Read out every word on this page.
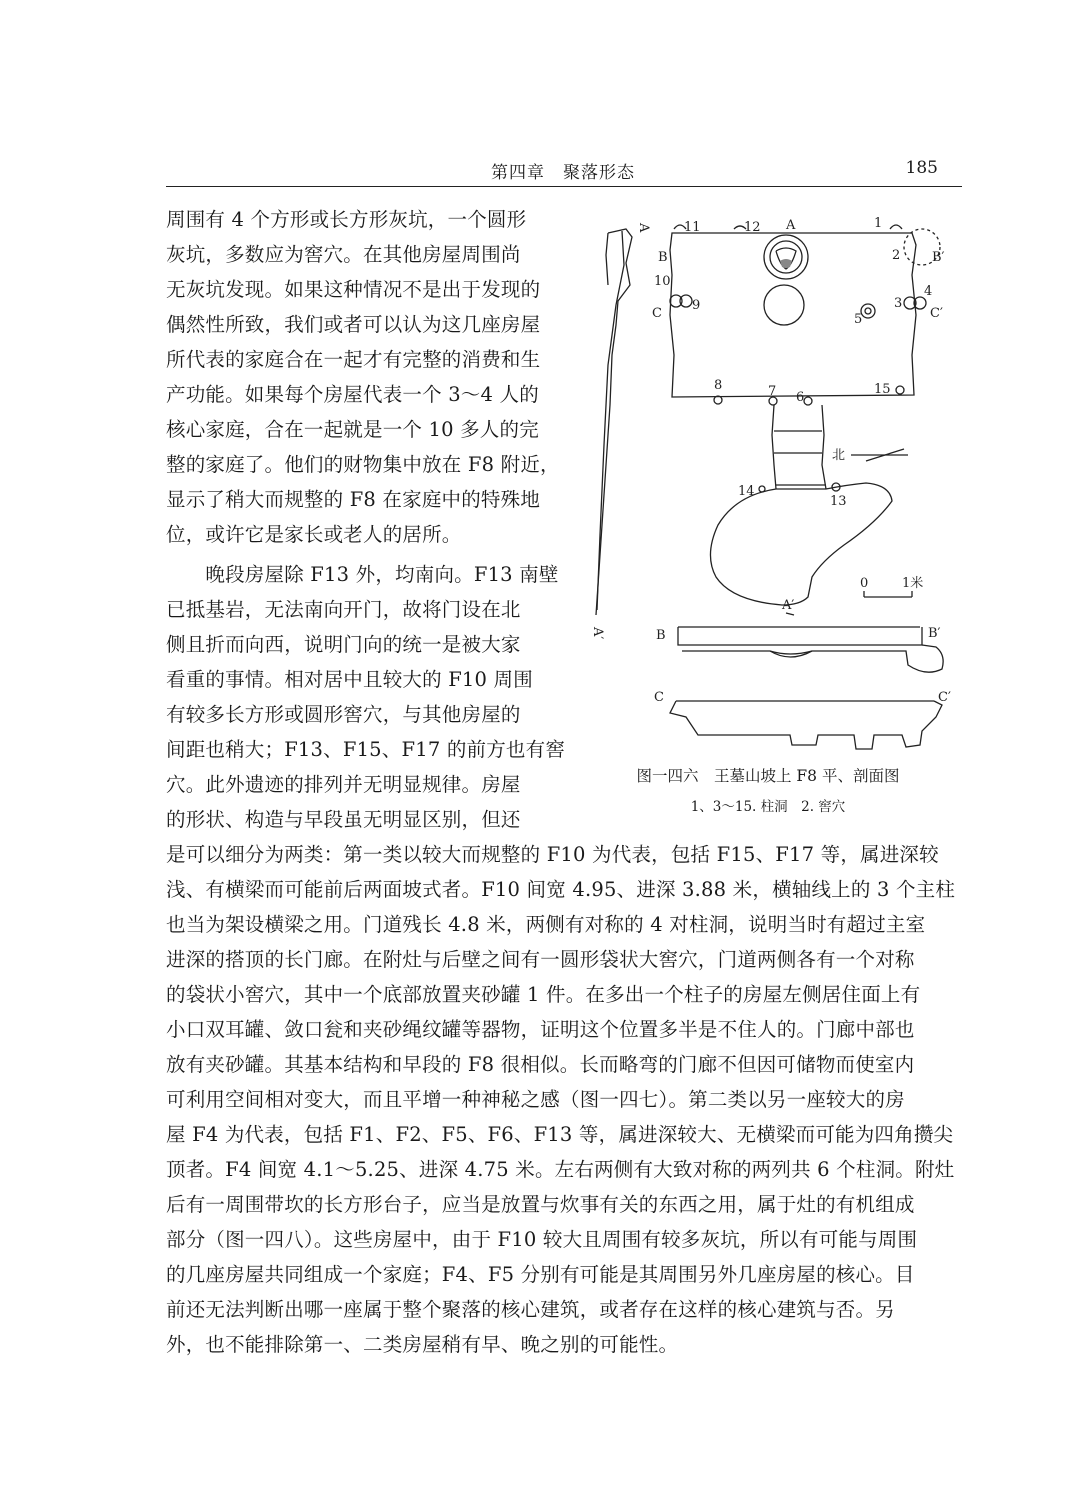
第四章　聚落形态	185
周围有 4 个方形或长方形灰坑，一个圆形
灰坑，多数应为窖穴。在其他房屋周围尚
无灰坑发现。如果这种情况不是出于发现的
偶然性所致，我们或者可以认为这几座房屋
所代表的家庭合在一起才有完整的消费和生
产功能。如果每个房屋代表一个 3～4 人的
核心家庭，合在一起就是一个 10 多人的完
整的家庭了。他们的财物集中放在 F8 附近，
显示了稍大而规整的 F8 在家庭中的特殊地
位，或许它是家长或老人的居所。
　　晚段房屋除 F13 外，均南向。F13 南壁
已抵基岩，无法南向开门，故将门设在北
侧且折而向西，说明门向的统一是被大家
看重的事情。相对居中且较大的 F10 周围
有较多长方形或圆形窖穴，与其他房屋的
间距也稍大；F13、F15、F17 的前方也有窖
穴。此外遗迹的排列并无明显规律。房屋
的形状、构造与早段虽无明显区别，但还
是可以细分为两类：第一类以较大而规整的 F10 为代表，包括 F15、F17 等，属进深较
浅、有横梁而可能前后两面坡式者。F10 间宽 4.95、进深 3.88 米，横轴线上的 3 个主柱
也当为架设横梁之用。门道残长 4.8 米，两侧有对称的 4 对柱洞，说明当时有超过主室
进深的搭顶的长门廊。在附灶与后壁之间有一圆形袋状大窖穴，门道两侧各有一个对称
的袋状小窖穴，其中一个底部放置夹砂罐 1 件。在多出一个柱子的房屋左侧居住面上有
小口双耳罐、敛口瓮和夹砂绳纹罐等器物，证明这个位置多半是不住人的。门廊中部也
放有夹砂罐。其基本结构和早段的 F8 很相似。长而略弯的门廊不但因可储物而使室内
可利用空间相对变大，而且平增一种神秘之感（图一四七）。第二类以另一座较大的房
屋 F4 为代表，包括 F1、F2、F5、F6、F13 等，属进深较大、无横梁而可能为四角攒尖
顶者。F4 间宽 4.1～5.25、进深 4.75 米。左右两侧有大致对称的两列共 6 个柱洞。附灶
后有一周围带坎的长方形台子，应当是放置与炊事有关的东西之用，属于灶的有机组成
部分（图一四八）。这些房屋中，由于 F10 较大且周围有较多灰坑，所以有可能与周围
的几座房屋共同组成一个家庭；F4、F5 分别有可能是其周围另外几座房屋的核心。目
前还无法判断出哪一座属于整个聚落的核心建筑，或者存在这样的核心建筑与否。另
外，也不能排除第一、二类房屋稍有早、晚之别的可能性。
A	11	12 A	1
B	2 B′
10
9
C	5
3
4
C′
8	7 6
15
北
14
13
0	1米
A′
A′	B	B′
C	C′
图一四六　王墓山坡上 F8 平、剖面图
1、3～15. 柱洞　2. 窖穴
